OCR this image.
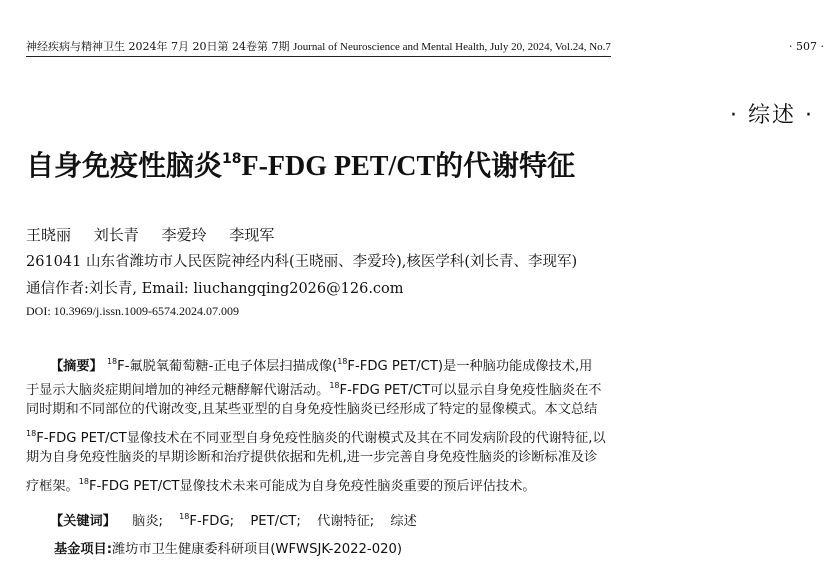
神经疾病与精神卫生 2024年 7月 20日第 24卷第 7期 Journal of Neuroscience and Mental Health, July 20, 2024, Vol.24, No.7	· 507 ·
· 综述 ·
自身免疫性脑炎$^{18}$F-FDG PET/CT的代谢特征
王晓丽 刘长青 李爱玲 李现军
261041 山东省潍坊市人民医院神经内科(王晓丽、李爱玲),核医学科(刘长青、李现军)
通信作者:刘长青, Email: liuchangqing2026@126.com
DOI: 10.3969/j.issn.1009-6574.2024.07.009
【摘要】 $^{18}$F-氟脱氧葡萄糖-正电子体层扫描成像($^{18}$F-FDG PET/CT)是一种脑功能成像技术,用
于显示大脑炎症期间增加的神经元糖酵解代谢活动。$^{18}$F-FDG PET/CT可以显示自身免疫性脑炎在不
同时期和不同部位的代谢改变,且某些亚型的自身免疫性脑炎已经形成了特定的显像模式。本文总结
$^{18}$F-FDG PET/CT显像技术在不同亚型自身免疫性脑炎的代谢模式及其在不同发病阶段的代谢特征,以
期为自身免疫性脑炎的早期诊断和治疗提供依据和先机,进一步完善自身免疫性脑炎的诊断标准及诊
疗框架。$^{18}$F-FDG PET/CT显像技术未来可能成为自身免疫性脑炎重要的预后评估技术。
【关键词】 脑炎; $^{18}$F-FDG; PET/CT; 代谢特征; 综述
基金项目:潍坊市卫生健康委科研项目(WFWSJK-2022-020)
